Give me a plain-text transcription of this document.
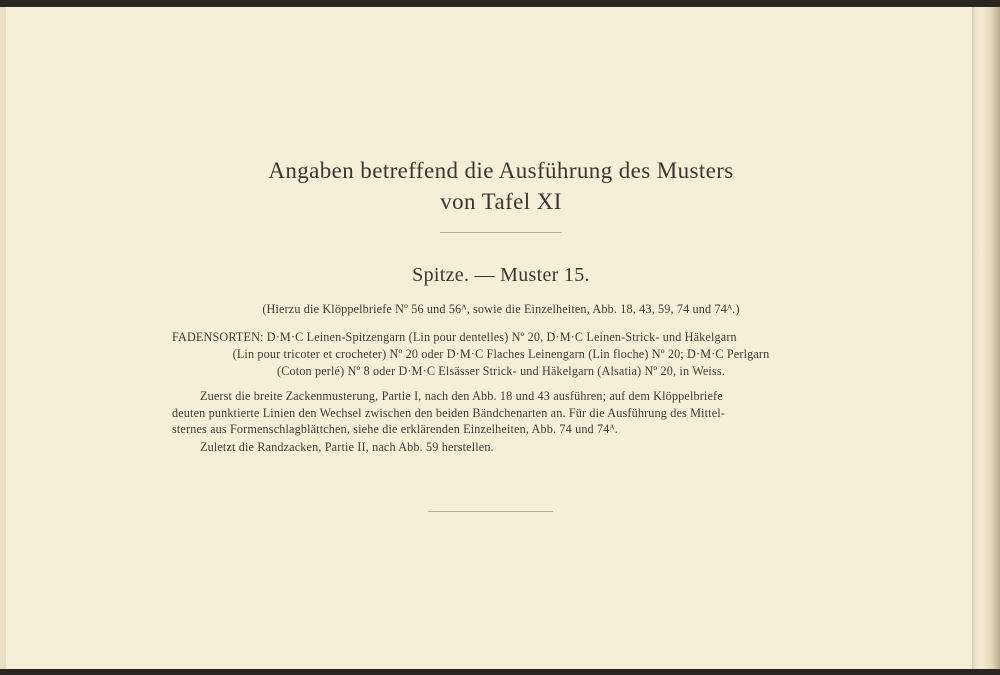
Angaben betreffend die Ausführung des Musters
von Tafel XI
Spitze. — Muster 15.
(Hierzu die Klöppelbriefe Nº 56 und 56ᴬ, sowie die Einzelheiten, Abb. 18, 43, 59, 74 und 74ᴬ.)
FADENSORTEN: D·M·C Leinen-Spitzengarn (Lin pour dentelles) Nº 20, D·M·C Leinen-Strick- und Häkelgarn
(Lin pour tricoter et crocheter) Nº 20 oder D·M·C Flaches Leinengarn (Lin floche) Nº 20; D·M·C Perlgarn
(Coton perlé) Nº 8 oder D·M·C Elsässer Strick- und Häkelgarn (Alsatia) Nº 20, in Weiss.
Zuerst die breite Zackenmusterung, Partie I, nach den Abb. 18 und 43 ausführen; auf dem Klöppelbriefe
deuten punktierte Linien den Wechsel zwischen den beiden Bändchenarten an. Für die Ausführung des Mittel-
sternes aus Formenschlagblättchen, siehe die erklärenden Einzelheiten, Abb. 74 und 74ᴬ.
Zuletzt die Randzacken, Partie II, nach Abb. 59 herstellen.
